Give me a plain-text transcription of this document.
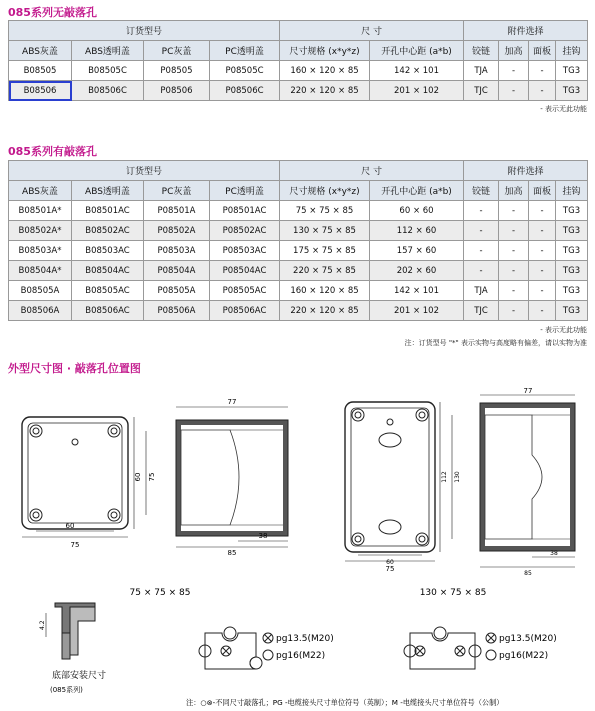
085系列无敲落孔
订货型号				尺 寸		附件选择			
ABS灰盖	ABS透明盖	PC灰盖	PC透明盖	尺寸规格 (x*y*z)	开孔中心距 (a*b)	铰链	加高	面板	挂钩
B08505	B08505C	P08505	P08505C	160 × 120 × 85	142 × 101	TJA	-	-	TG3
B08506	B08506C	P08506	P08506C	220 × 120 × 85	201 × 102	TJC	-	-	TG3
- 表示无此功能
085系列有敲落孔
订货型号				尺 寸		附件选择			
ABS灰盖	ABS透明盖	PC灰盖	PC透明盖	尺寸规格 (x*y*z)	开孔中心距 (a*b)	铰链	加高	面板	挂钩
B08501A*	B08501AC	P08501A	P08501AC	75 × 75 × 85	60 × 60	-	-	-	TG3
B08502A*	B08502AC	P08502A	P08502AC	130 × 75 × 85	112 × 60	-	-	-	TG3
B08503A*	B08503AC	P08503A	P08503AC	175 × 75 × 85	157 × 60	-	-	-	TG3
B08504A*	B08504AC	P08504A	P08504AC	220 × 75 × 85	202 × 60	-	-	-	TG3
B08505A	B08505AC	P08505A	P08505AC	160 × 120 × 85	142 × 101	TJA	-	-	TG3
B08506A	B08506AC	P08506A	P08506AC	220 × 120 × 85	201 × 102	TJC	-	-	TG3
- 表示无此功能
注：订货型号 "*" 表示实物与高度略有偏差，请以实物为准
外型尺寸图 · 敲落孔位置图
60
75
60 75
77
38
85
60
75
112 130
77
38
85
75 × 75 × 85	130 × 75 × 85
4.2
底部安装尺寸
(085系列)
pg13.5(M20)
pg16(M22)
pg13.5(M20)
pg16(M22)
注：○⊗-不同尺寸敲落孔；PG -电缆接头尺寸单位符号（英制）；M -电缆接头尺寸单位符号（公制）
